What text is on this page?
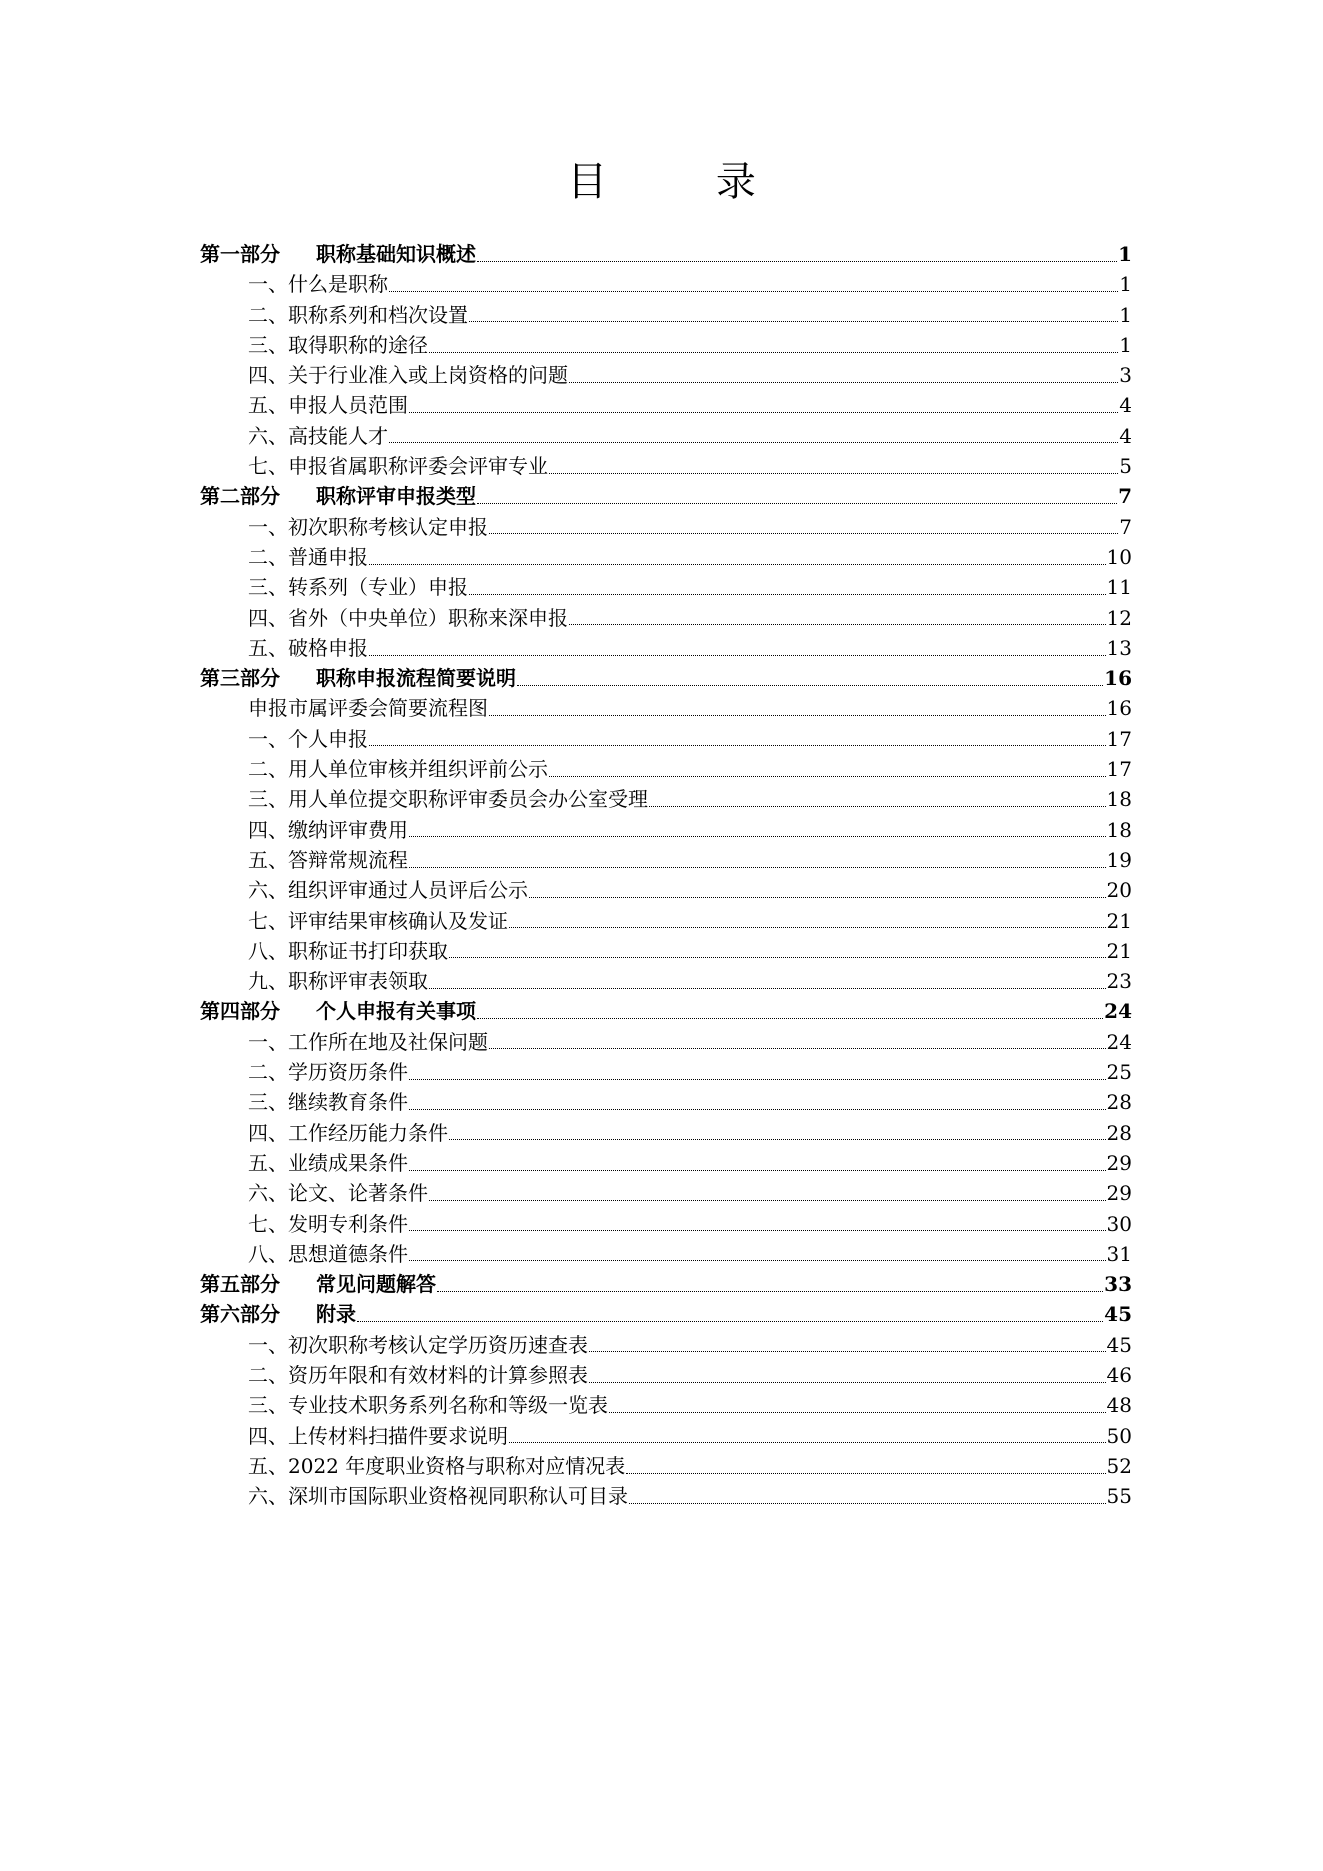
目 录
第一部分	职称基础知识概述	1
一、什么是职称	1
二、职称系列和档次设置	1
三、取得职称的途径	1
四、关于行业准入或上岗资格的问题	3
五、申报人员范围	4
六、高技能人才	4
七、申报省属职称评委会评审专业	5
第二部分	职称评审申报类型	7
一、初次职称考核认定申报	7
二、普通申报	10
三、转系列（专业）申报	11
四、省外（中央单位）职称来深申报	12
五、破格申报	13
第三部分	职称申报流程简要说明	16
申报市属评委会简要流程图	16
一、个人申报	17
二、用人单位审核并组织评前公示	17
三、用人单位提交职称评审委员会办公室受理	18
四、缴纳评审费用	18
五、答辩常规流程	19
六、组织评审通过人员评后公示	20
七、评审结果审核确认及发证	21
八、职称证书打印获取	21
九、职称评审表领取	23
第四部分	个人申报有关事项	24
一、工作所在地及社保问题	24
二、学历资历条件	25
三、继续教育条件	28
四、工作经历能力条件	28
五、业绩成果条件	29
六、论文、论著条件	29
七、发明专利条件	30
八、思想道德条件	31
第五部分	常见问题解答	33
第六部分	附录	45
一、初次职称考核认定学历资历速查表	45
二、资历年限和有效材料的计算参照表	46
三、专业技术职务系列名称和等级一览表	48
四、上传材料扫描件要求说明	50
五、2022 年度职业资格与职称对应情况表	52
六、深圳市国际职业资格视同职称认可目录	55
